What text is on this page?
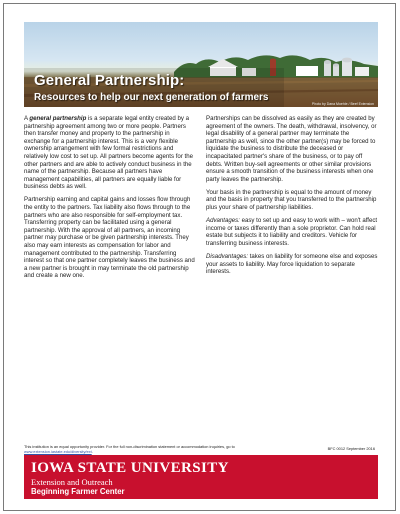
General Partnership:
Resources to help our next generation of farmers
Photo by Dana Moehle / Beef Extension

A general partnership is a separate legal entity created by a partnership agreement among two or more people. Partners then transfer money and property to the partnership in exchange for a partnership interest. This is a very flexible ownership arrangement with few formal restrictions and relatively low cost to set up. All partners become agents for the other partners and are able to actively conduct business in the name of the partnership. Because all partners have management capabilities, all partners are equally liable for business debts as well.

Partnership earning and capital gains and losses flow through the entity to the partners. Tax liability also flows through to the partners who are also responsible for self-employment tax. Transferring property can be facilitated using a general partnership. With the approval of all partners, an incoming partner may purchase or be given partnership interests. They also may earn interests as compensation for labor and management contributed to the partnership. Transferring interest so that one partner completely leaves the business and a new partner is brought in may terminate the old partnership and create a new one.

Partnerships can be dissolved as easily as they are created by agreement of the owners. The death, withdrawal, insolvency, or legal disability of a general partner may terminate the partnership as well, since the other partner(s) may be forced to liquidate the business to distribute the deceased or incapacitated partner's share of the business, or to pay off debts. Written buy-sell agreements or other similar provisions ensure a smooth transition of the business interests when one party leaves the partnership.

Your basis in the partnership is equal to the amount of money and the basis in property that you transferred to the partnership plus your share of partnership liabilities.

Advantages: easy to set up and easy to work with – won't affect income or taxes differently than a sole proprietor. Can hold real estate but subjects it to liability and creditors. Vehicle for transferring business interests.

Disadvantages: takes on liability for someone else and exposes your assets to liability. May force liquidation to separate interests.

This institution is an equal opportunity provider. For the full non-discrimination statement or accommodation inquiries, go to www.extension.iastate.edu/diversity/ext.
BFC 0012 September 2016
IOWA STATE UNIVERSITY
Extension and Outreach
Beginning Farmer Center
